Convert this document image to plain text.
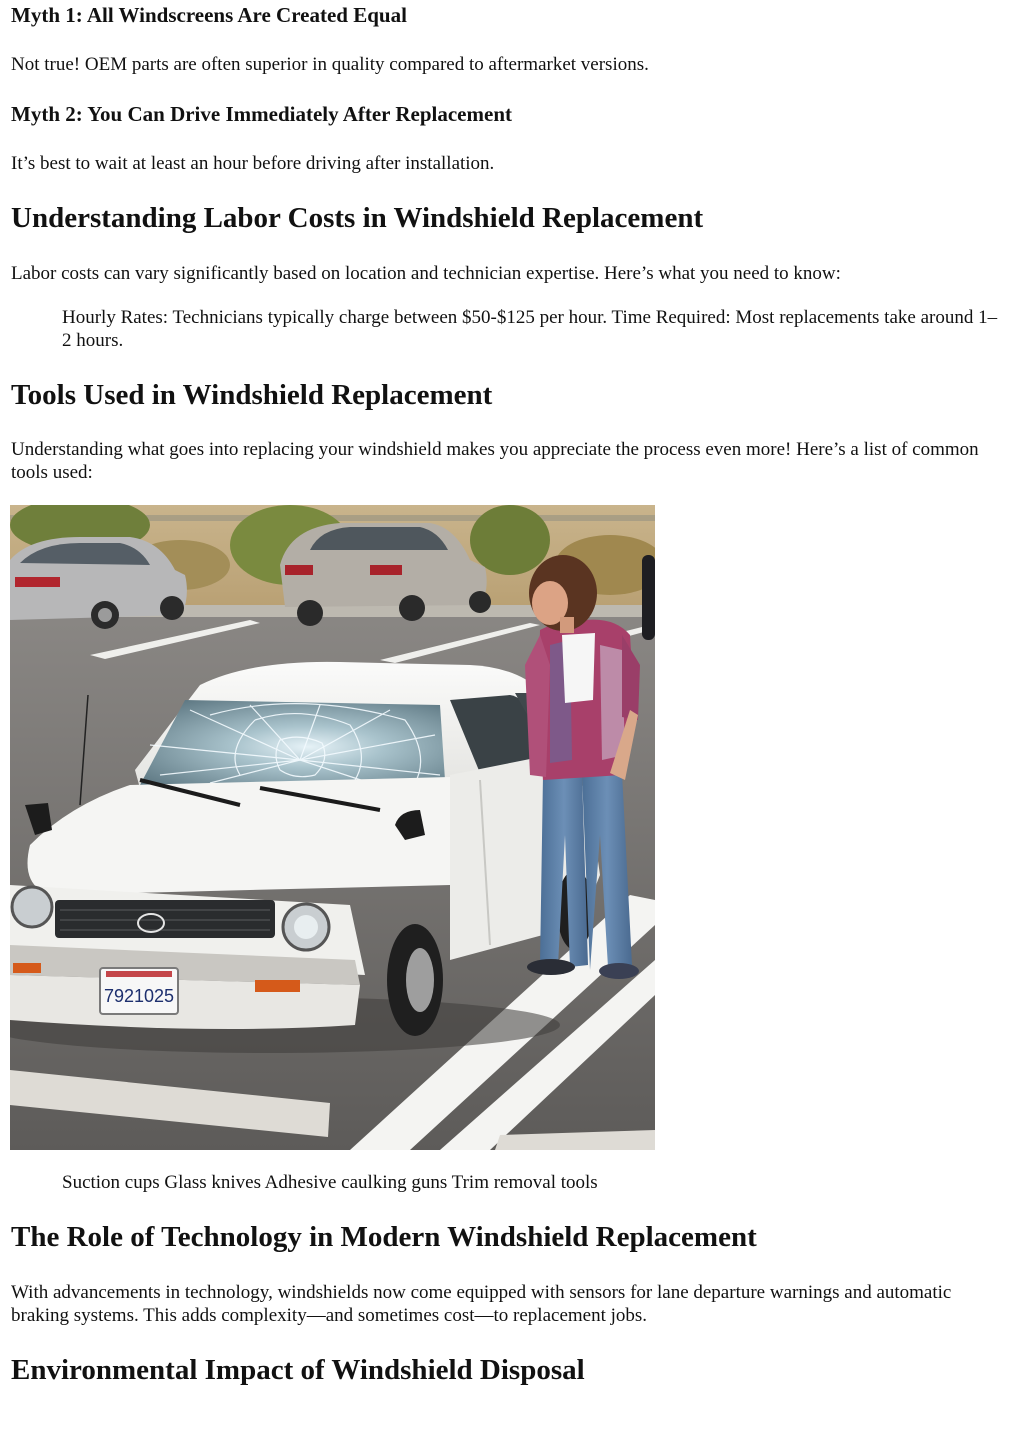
Myth 1: All Windscreens Are Created Equal

Not true! OEM parts are often superior in quality compared to aftermarket versions.

Myth 2: You Can Drive Immediately After Replacement

It’s best to wait at least an hour before driving after installation.

Understanding Labor Costs in Windshield Replacement

Labor costs can vary significantly based on location and technician expertise. Here’s what you need to know:

Hourly Rates: Technicians typically charge between $50-$125 per hour. Time Required: Most replacements take around 1–2 hours.

Tools Used in Windshield Replacement

Understanding what goes into replacing your windshield makes you appreciate the process even more! Here’s a list of common tools used:

7921025

Suction cups Glass knives Adhesive caulking guns Trim removal tools

The Role of Technology in Modern Windshield Replacement

With advancements in technology, windshields now come equipped with sensors for lane departure warnings and automatic braking systems. This adds complexity—and sometimes cost—to replacement jobs.

Environmental Impact of Windshield Disposal
